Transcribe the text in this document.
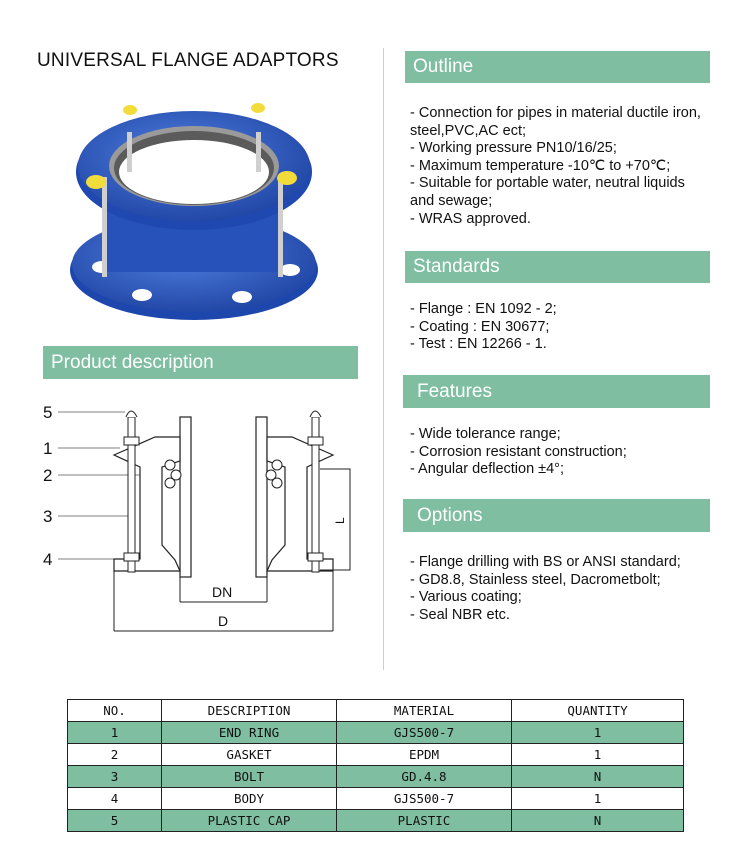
UNIVERSAL FLANGE ADAPTORS	Outline
- Connection for pipes in material ductile iron,
steel,PVC,AC ect;
- Working pressure PN10/16/25;
- Maximum temperature -10℃ to +70℃;
- Suitable for portable water, neutral liquids
and sewage;
- WRAS approved.
Standards
- Flange : EN 1092 - 2;
- Coating : EN 30677;
- Test : EN 12266 - 1.
Features
- Wide tolerance range;
- Corrosion resistant construction;
- Angular deflection ±4°;
Options
- Flange drilling with BS or ANSI standard;
- GD8.8, Stainless steel, Dacrometbolt;
- Various coating;
- Seal NBR etc.
Product description
5
1
2
3
4
DN
D
L
NO.	DESCRIPTION	MATERIAL	QUANTITY
1	END RING	GJS500-7	1
2	GASKET	EPDM	1
3	BOLT	GD.4.8	N
4	BODY	GJS500-7	1
5	PLASTIC CAP	PLASTIC	N
